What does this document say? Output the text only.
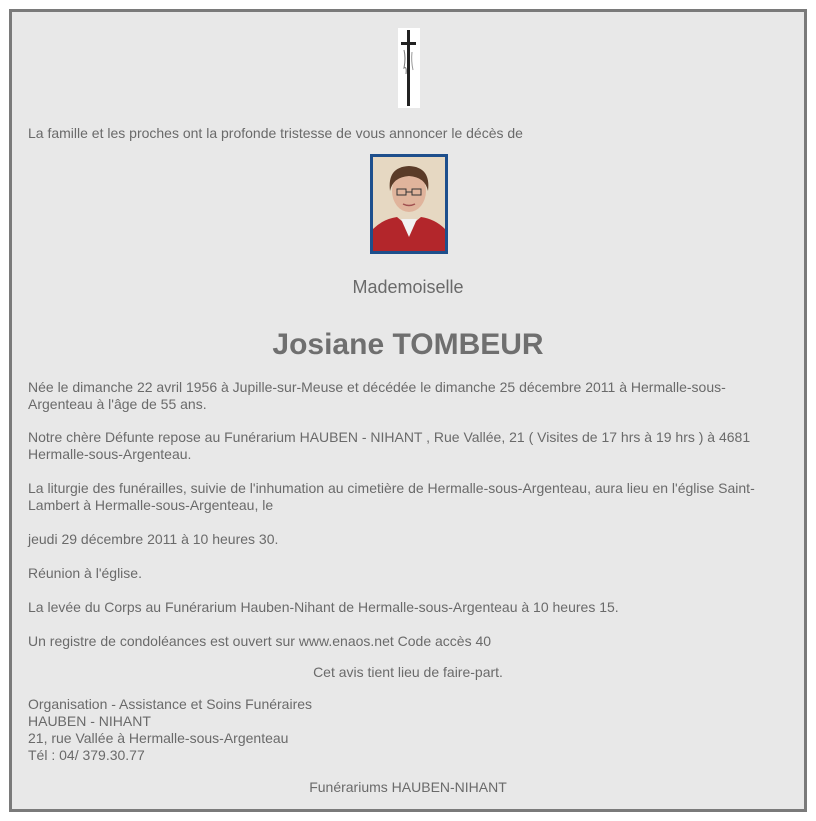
La famille et les proches ont la profonde tristesse de vous annoncer le décès de
Mademoiselle
Josiane TOMBEUR
Née le dimanche 22 avril 1956 à Jupille-sur-Meuse et décédée le dimanche 25 décembre 2011 à Hermalle-sous-Argenteau à l'âge de 55 ans.
Notre chère Défunte repose au Funérarium HAUBEN - NIHANT , Rue Vallée, 21 ( Visites de 17 hrs à 19 hrs ) à 4681 Hermalle-sous-Argenteau.
La liturgie des funérailles, suivie de l'inhumation au cimetière de Hermalle-sous-Argenteau, aura lieu en l'église Saint-Lambert à Hermalle-sous-Argenteau, le
jeudi 29 décembre 2011 à 10 heures 30.
Réunion à l'église.
La levée du Corps au Funérarium Hauben-Nihant de Hermalle-sous-Argenteau à 10 heures 15.
Un registre de condoléances est ouvert sur www.enaos.net Code accès 40
Cet avis tient lieu de faire-part.
Organisation - Assistance et Soins Funéraires
HAUBEN - NIHANT
21, rue Vallée à Hermalle-sous-Argenteau
Tél : 04/ 379.30.77
Funérariums HAUBEN-NIHANT
